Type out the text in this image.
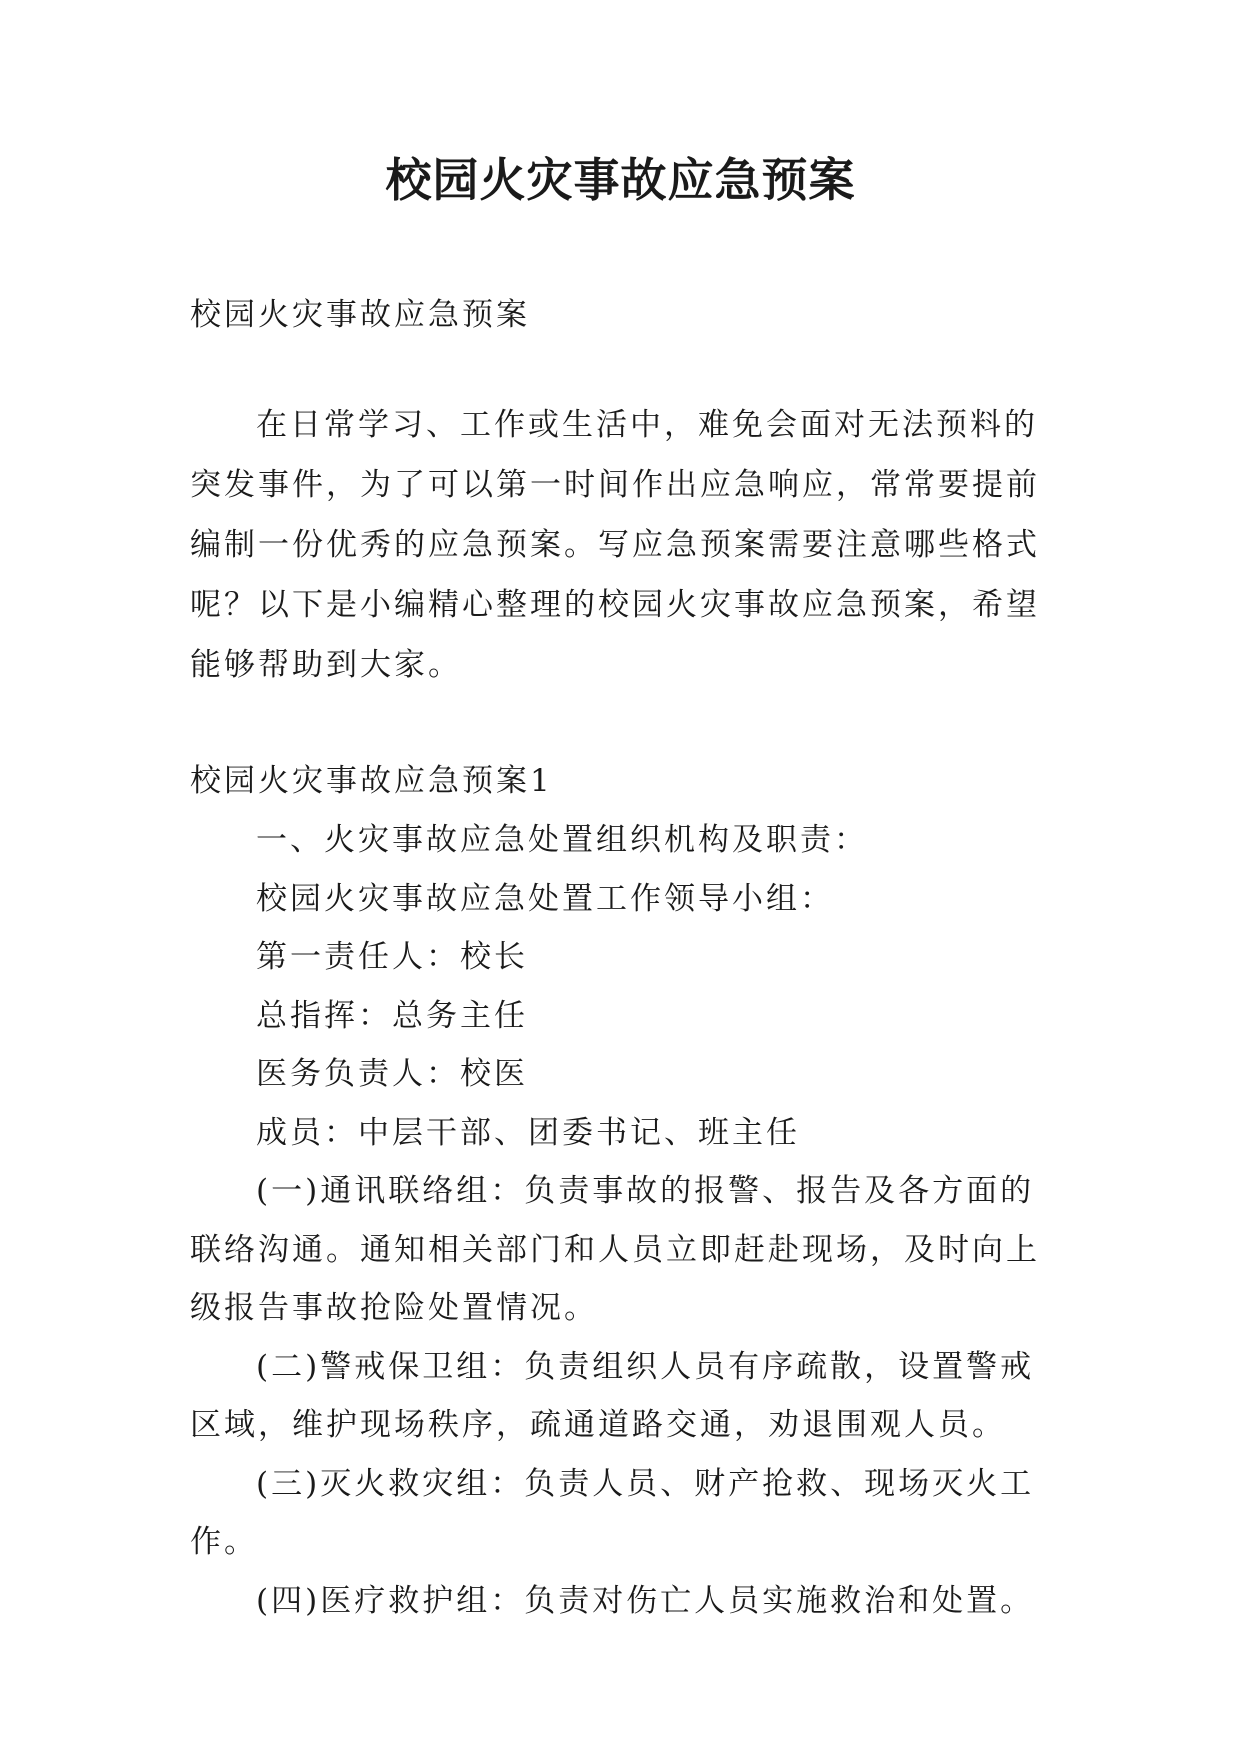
校园火灾事故应急预案

校园火灾事故应急预案

在日常学习、工作或生活中，难免会面对无法预料的突发事件，为了可以第一时间作出应急响应，常常要提前编制一份优秀的应急预案。写应急预案需要注意哪些格式呢？以下是小编精心整理的校园火灾事故应急预案，希望能够帮助到大家。

校园火灾事故应急预案1

一、火灾事故应急处置组织机构及职责：

校园火灾事故应急处置工作领导小组：

第一责任人：校长

总指挥：总务主任

医务负责人：校医

成员：中层干部、团委书记、班主任

(一)通讯联络组：负责事故的报警、报告及各方面的联络沟通。通知相关部门和人员立即赶赴现场，及时向上级报告事故抢险处置情况。

(二)警戒保卫组：负责组织人员有序疏散，设置警戒区域，维护现场秩序，疏通道路交通，劝退围观人员。

(三)灭火救灾组：负责人员、财产抢救、现场灭火工作。

(四)医疗救护组：负责对伤亡人员实施救治和处置。
